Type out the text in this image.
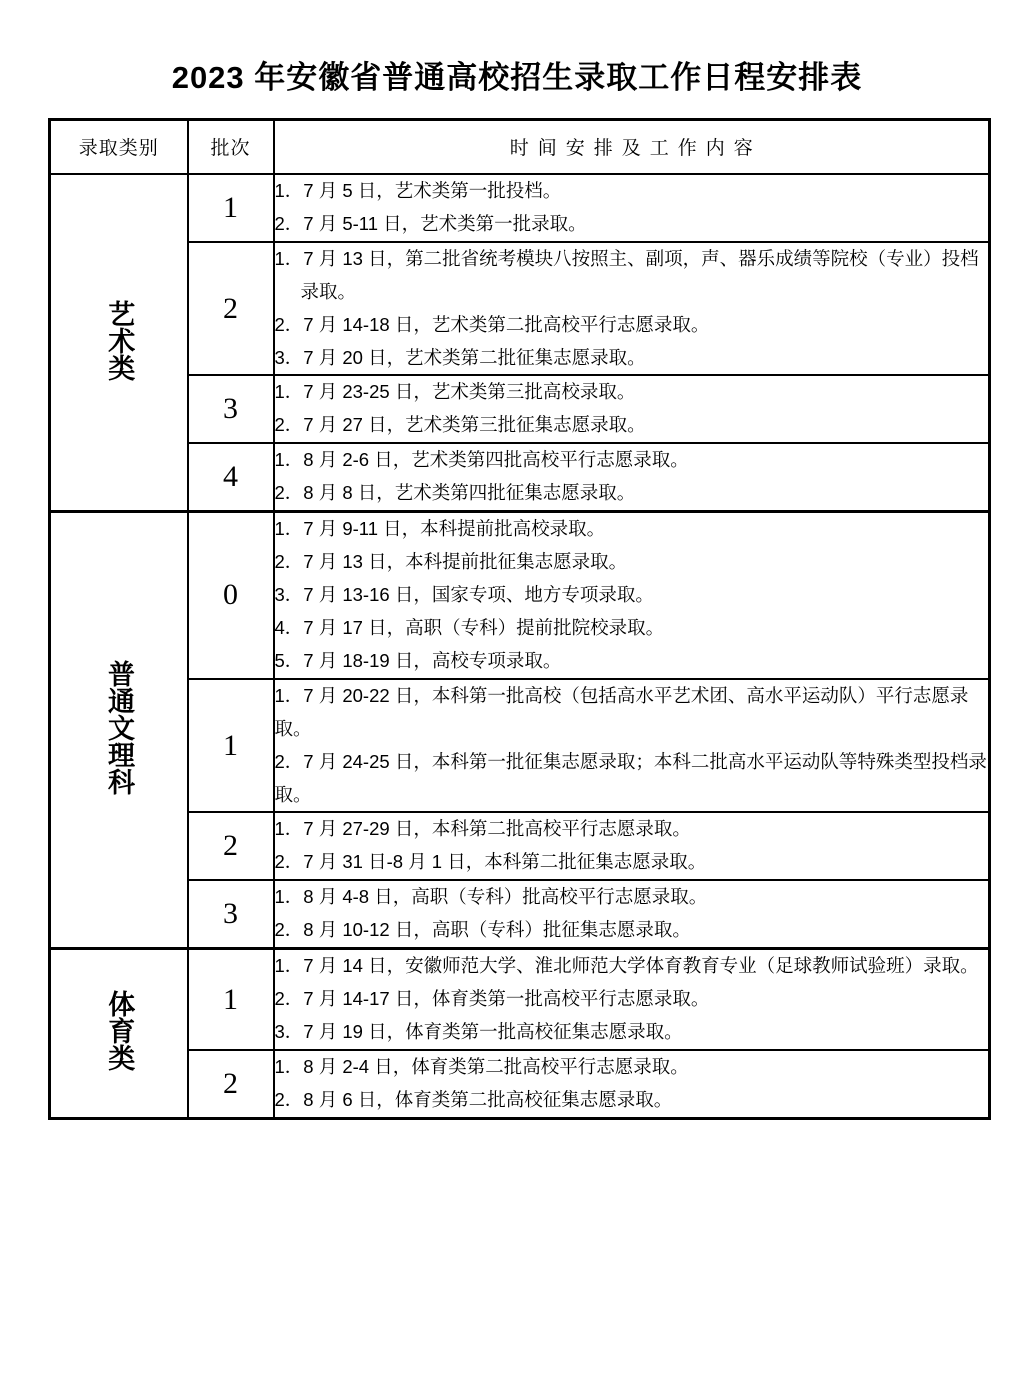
2023 年安徽省普通高校招生录取工作日程安排表
录取类别	批次	时间安排及工作内容
艺术类	1	1．7 月 5 日，艺术类第一批投档。
2．7 月 5-11 日，艺术类第一批录取。

	2	1．7 月 13 日，第二批省统考模块八按照主、副项，声、器乐成绩等院校（专业）投档录取。
2．7 月 14-18 日，艺术类第二批高校平行志愿录取。
3．7 月 20 日，艺术类第二批征集志愿录取。

	3	1．7 月 23-25 日，艺术类第三批高校录取。
2．7 月 27 日，艺术类第三批征集志愿录取。

	4	1．8 月 2-6 日，艺术类第四批高校平行志愿录取。
2．8 月 8 日，艺术类第四批征集志愿录取。

普通文理科	0	1．7 月 9-11 日，本科提前批高校录取。
2．7 月 13 日，本科提前批征集志愿录取。
3．7 月 13-16 日，国家专项、地方专项录取。
4．7 月 17 日，高职（专科）提前批院校录取。
5．7 月 18-19 日，高校专项录取。

	1	1．7 月 20-22 日，本科第一批高校（包括高水平艺术团、高水平运动队）平行志愿录取。
2．7 月 24-25 日，本科第一批征集志愿录取；本科二批高水平运动队等特殊类型投档录取。

	2	1．7 月 27-29 日，本科第二批高校平行志愿录取。
2．7 月 31 日-8 月 1 日，本科第二批征集志愿录取。

	3	1．8 月 4-8 日，高职（专科）批高校平行志愿录取。
2．8 月 10-12 日，高职（专科）批征集志愿录取。

体育类	1	1．7 月 14 日，安徽师范大学、淮北师范大学体育教育专业（足球教师试验班）录取。
2．7 月 14-17 日，体育类第一批高校平行志愿录取。
3．7 月 19 日，体育类第一批高校征集志愿录取。

	2	1．8 月 2-4 日，体育类第二批高校平行志愿录取。
2．8 月 6 日，体育类第二批高校征集志愿录取。
